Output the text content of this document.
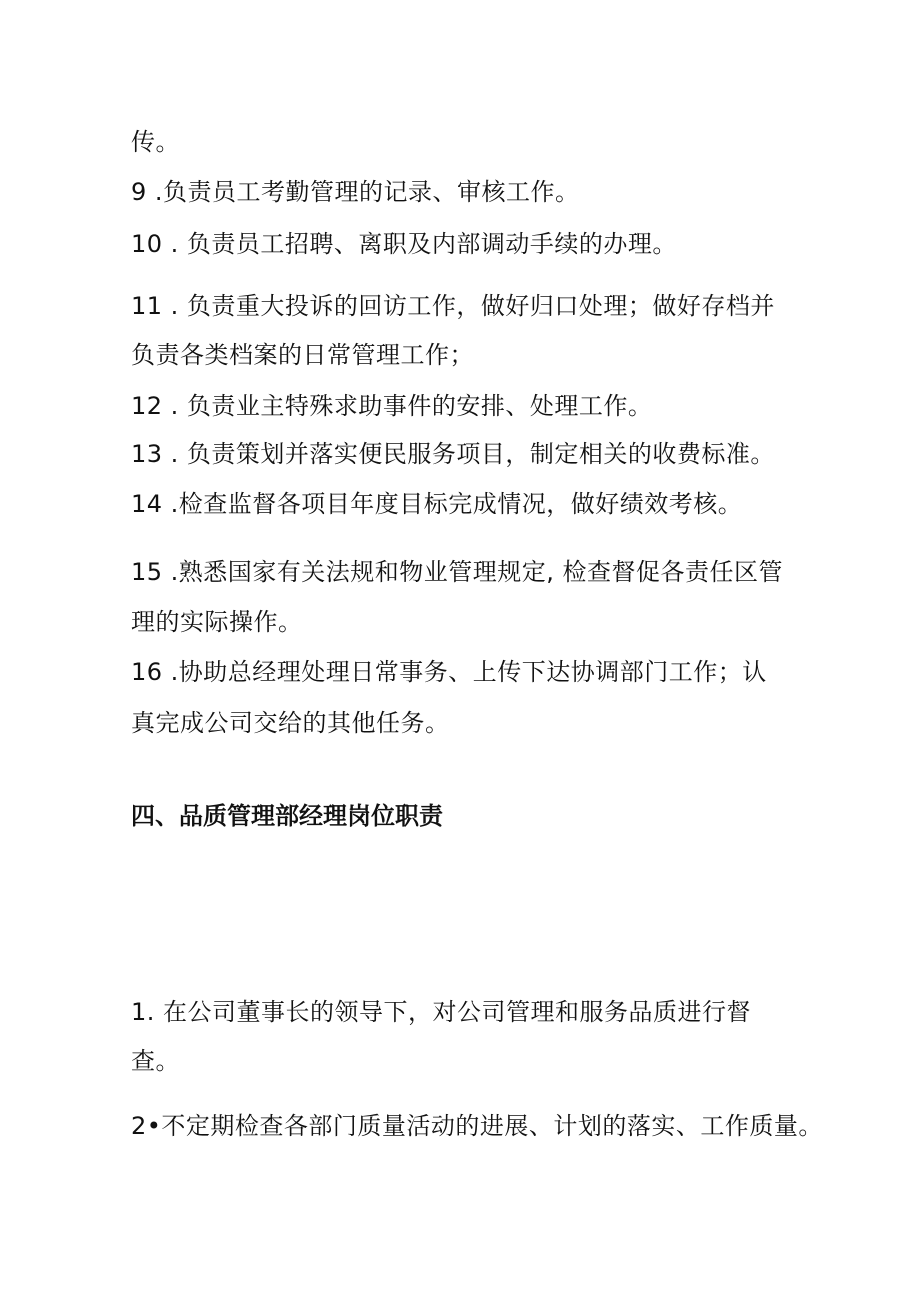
传。

9 .负责员工考勤管理的记录、审核工作。

10 . 负责员工招聘、离职及内部调动手续的办理。

11 . 负责重大投诉的回访工作，做好归口处理；做好存档并

负责各类档案的日常管理工作；

12 . 负责业主特殊求助事件的安排、处理工作。

13 . 负责策划并落实便民服务项目，制定相关的收费标准。

14 .检查监督各项目年度目标完成情况，做好绩效考核。

15 .熟悉国家有关法规和物业管理规定, 检查督促各责任区管

理的实际操作。

16 .协助总经理处理日常事务、上传下达协调部门工作；认

真完成公司交给的其他任务。

四、品质管理部经理岗位职责

1. 在公司董事长的领导下，对公司管理和服务品质进行督

查。

2•不定期检查各部门质量活动的进展、计划的落实、工作质量。
